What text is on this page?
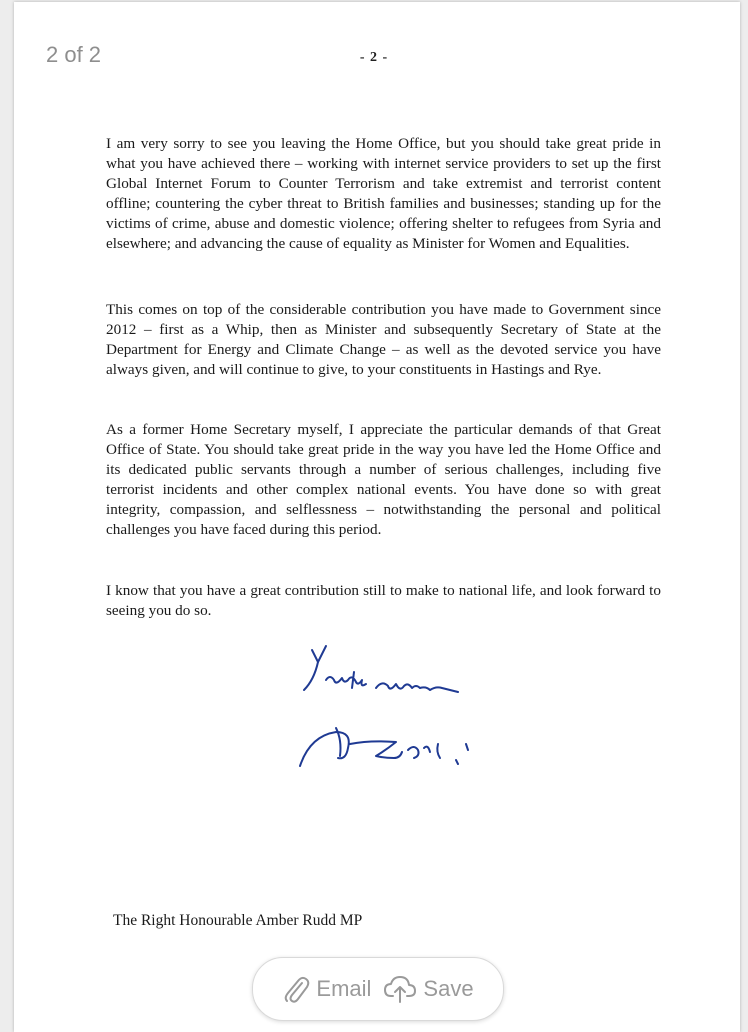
2 of 2	- 2 -

I am very sorry to see you leaving the Home Office, but you should take great pride in what you have achieved there – working with internet service providers to set up the first Global Internet Forum to Counter Terrorism and take extremist and terrorist content offline; countering the cyber threat to British families and businesses; standing up for the victims of crime, abuse and domestic violence; offering shelter to refugees from Syria and elsewhere; and advancing the cause of equality as Minister for Women and Equalities.

This comes on top of the considerable contribution you have made to Government since 2012 – first as a Whip, then as Minister and subsequently Secretary of State at the Department for Energy and Climate Change – as well as the devoted service you have always given, and will continue to give, to your constituents in Hastings and Rye.

As a former Home Secretary myself, I appreciate the particular demands of that Great Office of State. You should take great pride in the way you have led the Home Office and its dedicated public servants through a number of serious challenges, including five terrorist incidents and other complex national events. You have done so with great integrity, compassion, and selflessness – notwithstanding the personal and political challenges you have faced during this period.

I know that you have a great contribution still to make to national life, and look forward to seeing you do so.

The Right Honourable Amber Rudd MP
Email Save
